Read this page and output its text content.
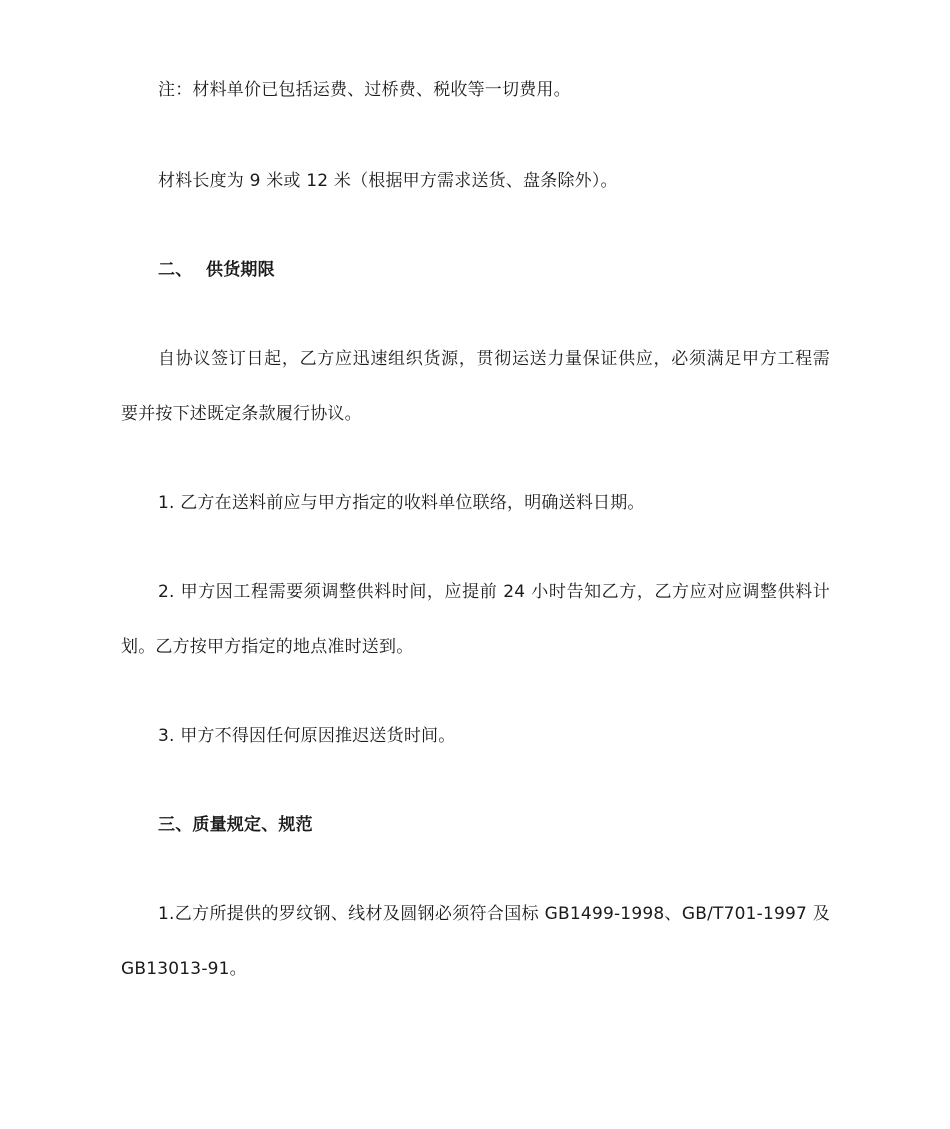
注：材料单价已包括运费、过桥费、税收等一切费用。
材料长度为 9 米或 12 米（根据甲方需求送货、盘条除外）。
二、 供货期限
自协议签订日起，乙方应迅速组织货源，贯彻运送力量保证供应，必须满足甲方工程需
要并按下述既定条款履行协议。
1. 乙方在送料前应与甲方指定的收料单位联络，明确送料日期。
2. 甲方因工程需要须调整供料时间，应提前 24 小时告知乙方，乙方应对应调整供料计
划。乙方按甲方指定的地点准时送到。
3. 甲方不得因任何原因推迟送货时间。
三、质量规定、规范
1.乙方所提供的罗纹钢、线材及圆钢必须符合国标 GB1499-1998、GB/T701-1997 及
GB13013-91。
